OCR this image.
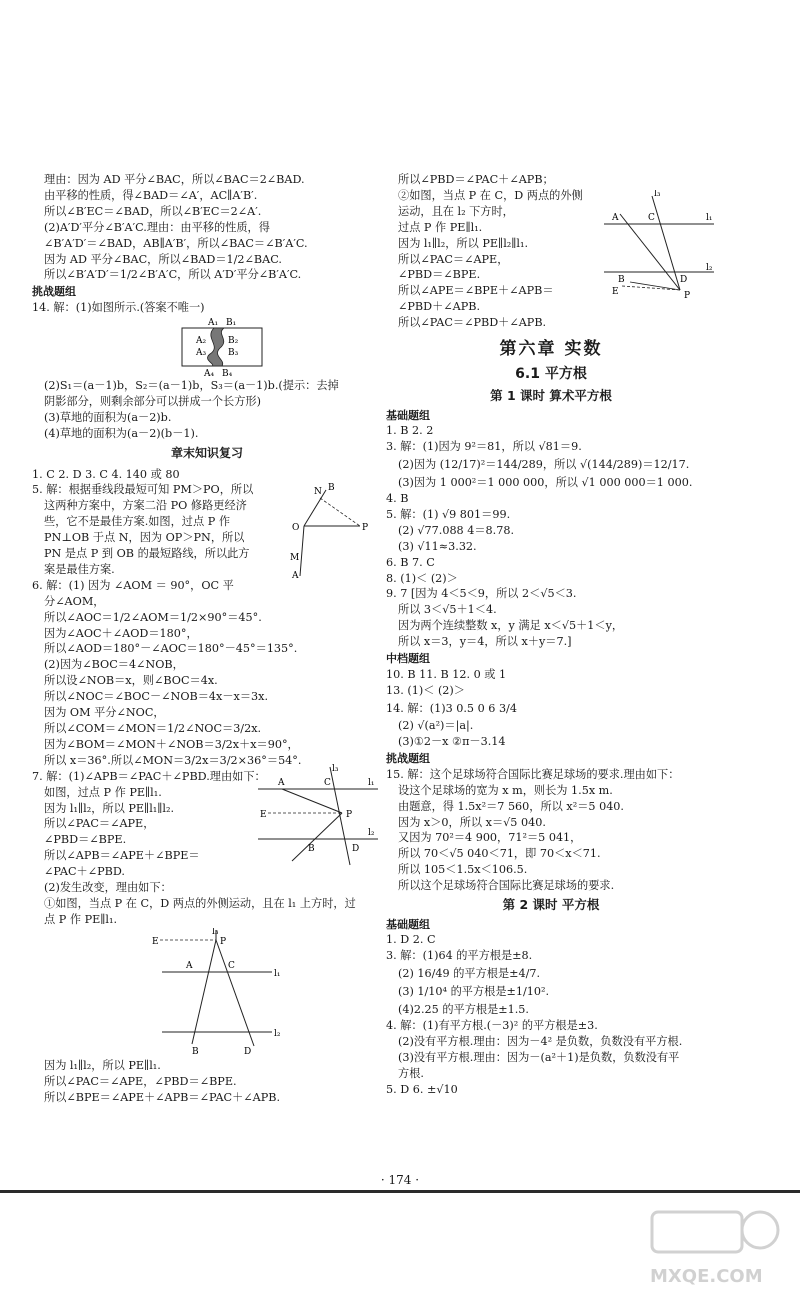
理由：因为 AD 平分∠BAC，所以∠BAC＝2∠BAD.
由平移的性质，得∠BAD＝∠A′，AC∥A′B′.
所以∠B′EC＝∠BAD，所以∠B′EC＝2∠A′.
(2)A′D′平分∠B′A′C.理由：由平移的性质，得
∠B′A′D′＝∠BAD，AB∥A′B′，所以∠BAC＝∠B′A′C.
因为 AD 平分∠BAC，所以∠BAD＝1/2∠BAC.
所以∠B′A′D′＝1/2∠B′A′C，所以 A′D′平分∠B′A′C.
挑战题组
14. 解：(1)如图所示.(答案不唯一)
A₁ B₁
A₂
A₃
B₂
B₃
A₄ B₄
(2)S₁＝(a－1)b，S₂＝(a－1)b，S₃＝(a－1)b.(提示：去掉
阴影部分，则剩余部分可以拼成一个长方形)
(3)草地的面积为(a－2)b.
(4)草地的面积为(a－2)(b－1).
章末知识复习
1. C 2. D 3. C 4. 140 或 80
5. 解：根据垂线段最短可知 PM＞PO，所以
这两种方案中，方案二沿 PO 修路更经济
些，它不是最佳方案.如图，过点 P 作
PN⊥OB 于点 N，因为 OP＞PN，所以
PN 是点 P 到 OB 的最短路线，所以此方
案是最佳方案.
N B
O	P
M
A
6. 解：(1) 因为 ∠AOM ＝ 90°，OC 平
分∠AOM，
所以∠AOC＝1/2∠AOM＝1/2×90°＝45°.
因为∠AOC＋∠AOD＝180°，
所以∠AOD＝180°－∠AOC＝180°－45°＝135°.
(2)因为∠BOC＝4∠NOB，
所以设∠NOB＝x，则∠BOC＝4x.
所以∠NOC＝∠BOC－∠NOB＝4x－x＝3x.
因为 OM 平分∠NOC，
所以∠COM＝∠MON＝1/2∠NOC＝3/2x.
因为∠BOM＝∠MON＋∠NOB＝3/2x＋x＝90°，
所以 x＝36°.所以∠MON＝3/2x＝3/2×36°＝54°.
7. 解：(1)∠APB＝∠PAC＋∠PBD.理由如下：
如图，过点 P 作 PE∥l₁.
因为 l₁∥l₂，所以 PE∥l₁∥l₂.
所以∠PAC＝∠APE，
∠PBD＝∠BPE.
所以∠APB＝∠APE＋∠BPE＝
∠PAC＋∠PBD.
(2)发生改变，理由如下：
①如图，当点 P 在 C，D 两点的外侧运动，且在 l₁ 上方时，过
点 P 作 PE∥l₁.
l₃
A	C	l₁
E	P
B	D
l₂
l₃
E	P
A	C
l₁
B	D
l₂
因为 l₁∥l₂，所以 PE∥l₁.
所以∠PAC＝∠APE，∠PBD＝∠BPE.
所以∠BPE＝∠APE＋∠APB＝∠PAC＋∠APB.
所以∠PBD＝∠PAC＋∠APB；
②如图，当点 P 在 C，D 两点的外侧
运动，且在 l₂ 下方时，
过点 P 作 PE∥l₁.
因为 l₁∥l₂，所以 PE∥l₂∥l₁.
所以∠PAC＝∠APE，
∠PBD＝∠BPE.
所以∠APE＝∠BPE＋∠APB＝
∠PBD＋∠APB.
所以∠PAC＝∠PBD＋∠APB.
l₃
A	C	l₁
B	D
l₂
E	P
第六章 实数
6.1 平方根
第 1 课时 算术平方根
基础题组
1. B 2. 2
3. 解：(1)因为 9²＝81，所以 √81＝9.
(2)因为 (12/17)²＝144/289，所以 √(144/289)＝12/17.
(3)因为 1 000²＝1 000 000，所以 √1 000 000＝1 000.
4. B
5. 解：(1) √9 801＝99.
(2) √77.088 4＝8.78.
(3) √11≈3.32.
6. B 7. C
8. (1)＜ (2)＞
9. 7 [因为 4＜5＜9，所以 2＜√5＜3.
所以 3＜√5＋1＜4.
因为两个连续整数 x，y 满足 x＜√5＋1＜y，
所以 x＝3，y＝4，所以 x＋y＝7.]
中档题组
10. B 11. B 12. 0 或 1
13. (1)＜ (2)＞
14. 解：(1)3 0.5 0 6 3/4
(2) √(a²)＝|a|.
(3)①2－x ②π－3.14
挑战题组
15. 解：这个足球场符合国际比赛足球场的要求.理由如下：
设这个足球场的宽为 x m，则长为 1.5x m.
由题意，得 1.5x²＝7 560，所以 x²＝5 040.
因为 x＞0，所以 x＝√5 040.
又因为 70²＝4 900，71²＝5 041，
所以 70＜√5 040＜71，即 70＜x＜71.
所以 105＜1.5x＜106.5.
所以这个足球场符合国际比赛足球场的要求.
第 2 课时 平方根
基础题组
1. D 2. C
3. 解：(1)64 的平方根是±8.
(2) 16/49 的平方根是±4/7.
(3) 1/10⁴ 的平方根是±1/10².
(4)2.25 的平方根是±1.5.
4. 解：(1)有平方根.(－3)² 的平方根是±3.
(2)没有平方根.理由：因为－4² 是负数，负数没有平方根.
(3)没有平方根.理由：因为－(a²＋1)是负数，负数没有平
方根.
5. D 6. ±√10
· 174 ·
MXQE.COM
